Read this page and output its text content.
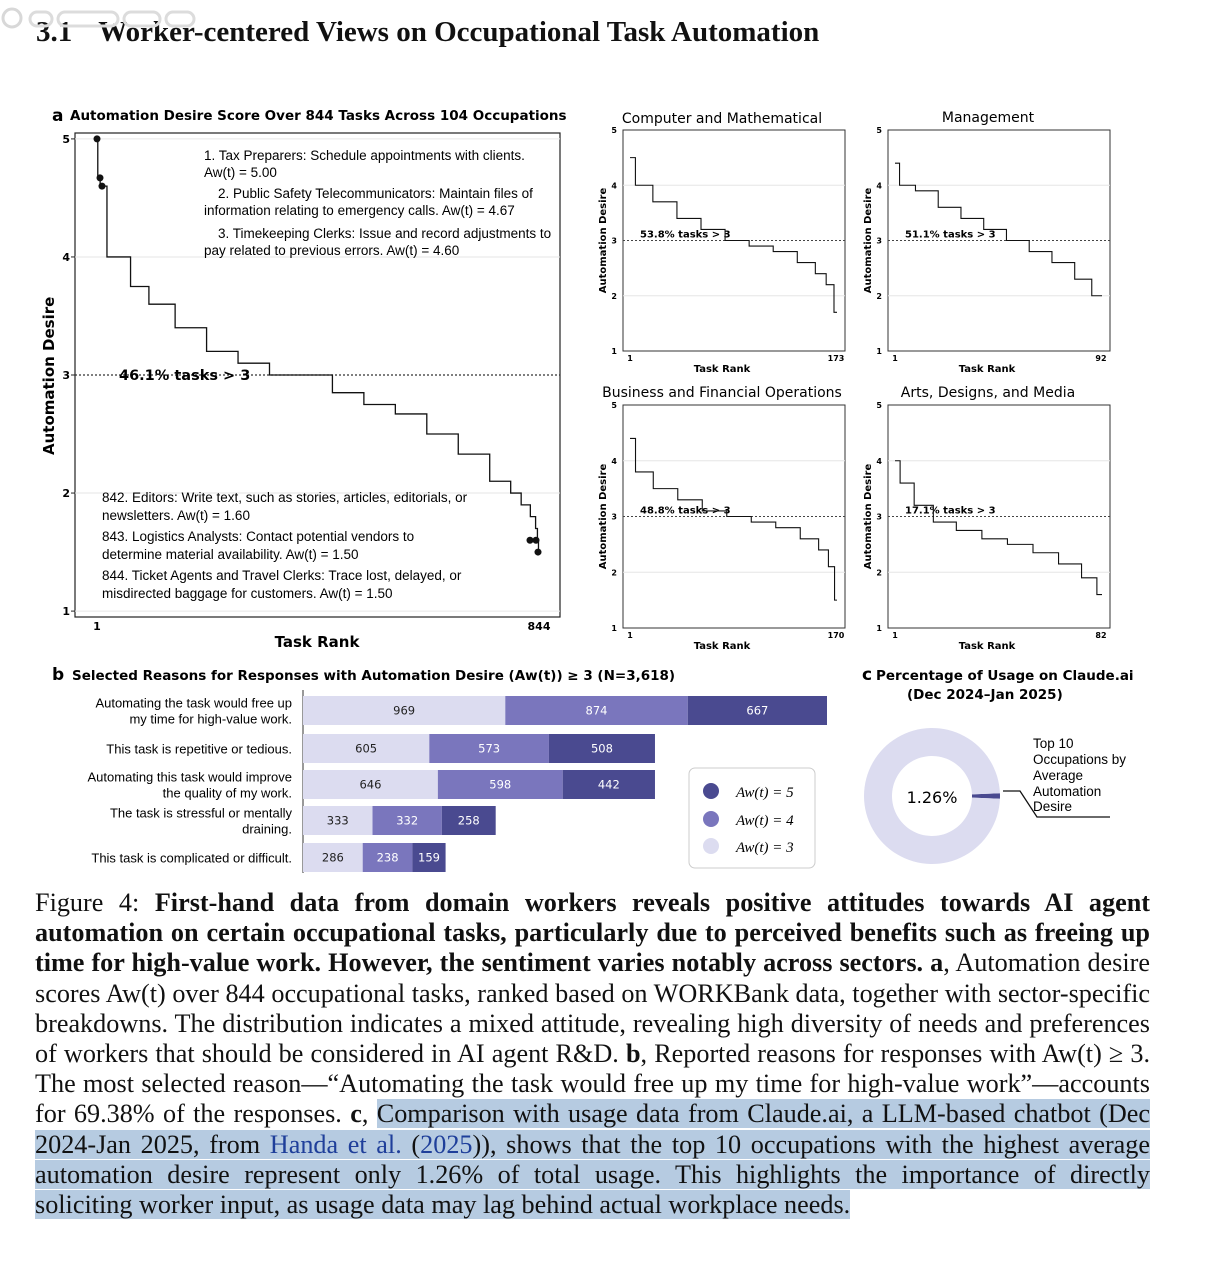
3.1 Worker-centered Views on Occupational Task Automation
a Automation Desire Score Over 844 Tasks Across 104 Occupations
Automation Desire
Task Rank
1
2
3
4
5
1	844
46.1% tasks > 3
1. Tax Preparers: Schedule appointments with clients.
Aw(t) = 5.00
2. Public Safety Telecommunicators: Maintain files of
information relating to emergency calls. Aw(t) = 4.67
3. Timekeeping Clerks: Issue and record adjustments to
pay related to previous errors. Aw(t) = 4.60
842. Editors: Write text, such as stories, articles, editorials, or
newsletters. Aw(t) = 1.60
843. Logistics Analysts: Contact potential vendors to
determine material availability. Aw(t) = 1.50
844. Ticket Agents and Travel Clerks: Trace lost, delayed, or
misdirected baggage for customers. Aw(t) = 1.50
Computer and Mathematical
1
2
3
4
5
Automation Desire
Task Rank
1	173
53.8% tasks > 3
Management
1
2
3
4
5
Automation Desire
Task Rank
1	92
51.1% tasks > 3
Business and Financial Operations
1
2
3
4
5
Automation Desire
Task Rank
1	170
48.8% tasks > 3
Arts, Designs, and Media
1
2
3
4
5
Automation Desire
Task Rank
1	82
17.1% tasks > 3
b Selected Reasons for Responses with Automation Desire (Aw(t)) ≥ 3 (N=3,618)
Automating the task would free up
my time for high-value work.
969	874	667
This task is repetitive or tedious.	605	573	508
Automating this task would improve
the quality of my work.
646	598	442
The task is stressful or mentally
draining.
333	332	258
This task is complicated or difficult.	286	238 159
Aw(t) = 5
Aw(t) = 4
Aw(t) = 3
c Percentage of Usage on Claude.ai
(Dec 2024–Jan 2025)
1.26%
Top 10
Occupations by
Average
Automation
Desire
Figure 4: First-hand data from domain workers reveals positive attitudes towards AI agent automation on certain occupational tasks, particularly due to perceived benefits such as freeing up time for high-value work. However, the sentiment varies notably across sectors. a, Automation desire scores Aw(t) over 844 occupational tasks, ranked based on WORKBank data, together with sector-specific breakdowns. The distribution indicates a mixed attitude, revealing high diversity of needs and preferences of workers that should be considered in AI agent R&D. b, Reported reasons for responses with Aw(t) ≥ 3. The most selected reason—“Automating the task would free up my time for high-value work”—accounts for 69.38% of the responses. c, Comparison with usage data from Claude.ai, a LLM-based chatbot (Dec 2024-Jan 2025, from Handa et al. (2025)), shows that the top 10 occupations with the highest average automation desire represent only 1.26% of total usage. This highlights the importance of directly soliciting worker input, as usage data may lag behind actual workplace needs.
